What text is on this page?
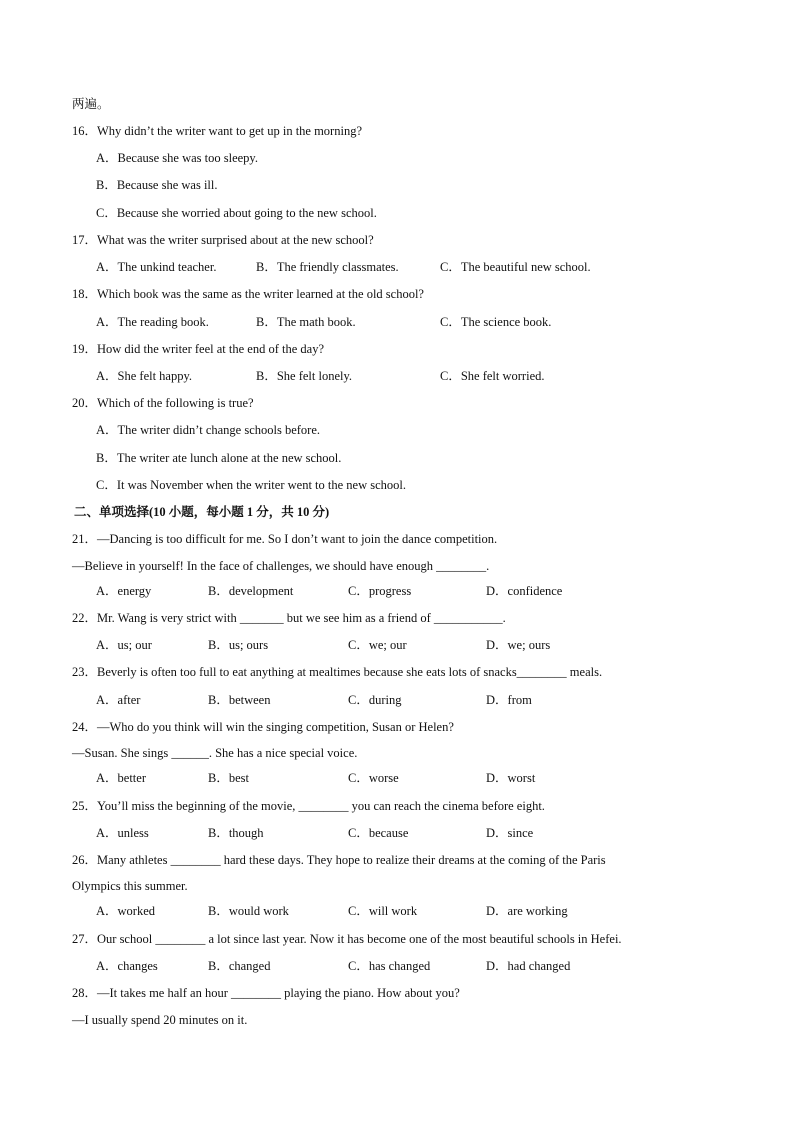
两遍。
16．Why didn’t the writer want to get up in the morning?
A．Because she was too sleepy.
B．Because she was ill.
C．Because she worried about going to the new school.
17．What was the writer surprised about at the new school?
A．The unkind teacher.	B．The friendly classmates.	C．The beautiful new school.
18．Which book was the same as the writer learned at the old school?
A．The reading book.	B．The math book.	C．The science book.
19．How did the writer feel at the end of the day?
A．She felt happy.	B．She felt lonely.	C．She felt worried.
20．Which of the following is true?
A．The writer didn’t change schools before.
B．The writer ate lunch alone at the new school.
C．It was November when the writer went to the new school.
二、单项选择(10 小题，每小题 1 分，共 10 分)
21．—Dancing is too difficult for me. So I don’t want to join the dance competition.
—Believe in yourself! In the face of challenges, we should have enough ________.
A．energy	B．development	C．progress	D．confidence
22．Mr. Wang is very strict with _______ but we see him as a friend of ___________.
A．us; our	B．us; ours	C．we; our	D．we; ours
23．Beverly is often too full to eat anything at mealtimes because she eats lots of snacks________ meals.
A．after	B．between	C．during	D．from
24．—Who do you think will win the singing competition, Susan or Helen?
—Susan. She sings ______. She has a nice special voice.
A．better	B．best	C．worse	D．worst
25．You’ll miss the beginning of the movie, ________ you can reach the cinema before eight.
A．unless	B．though	C．because	D．since
26．Many athletes ________ hard these days. They hope to realize their dreams at the coming of the Paris
Olympics this summer.
A．worked	B．would work	C．will work	D．are working
27．Our school ________ a lot since last year. Now it has become one of the most beautiful schools in Hefei.
A．changes	B．changed	C．has changed	D．had changed
28．—It takes me half an hour ________ playing the piano. How about you?
—I usually spend 20 minutes on it.
